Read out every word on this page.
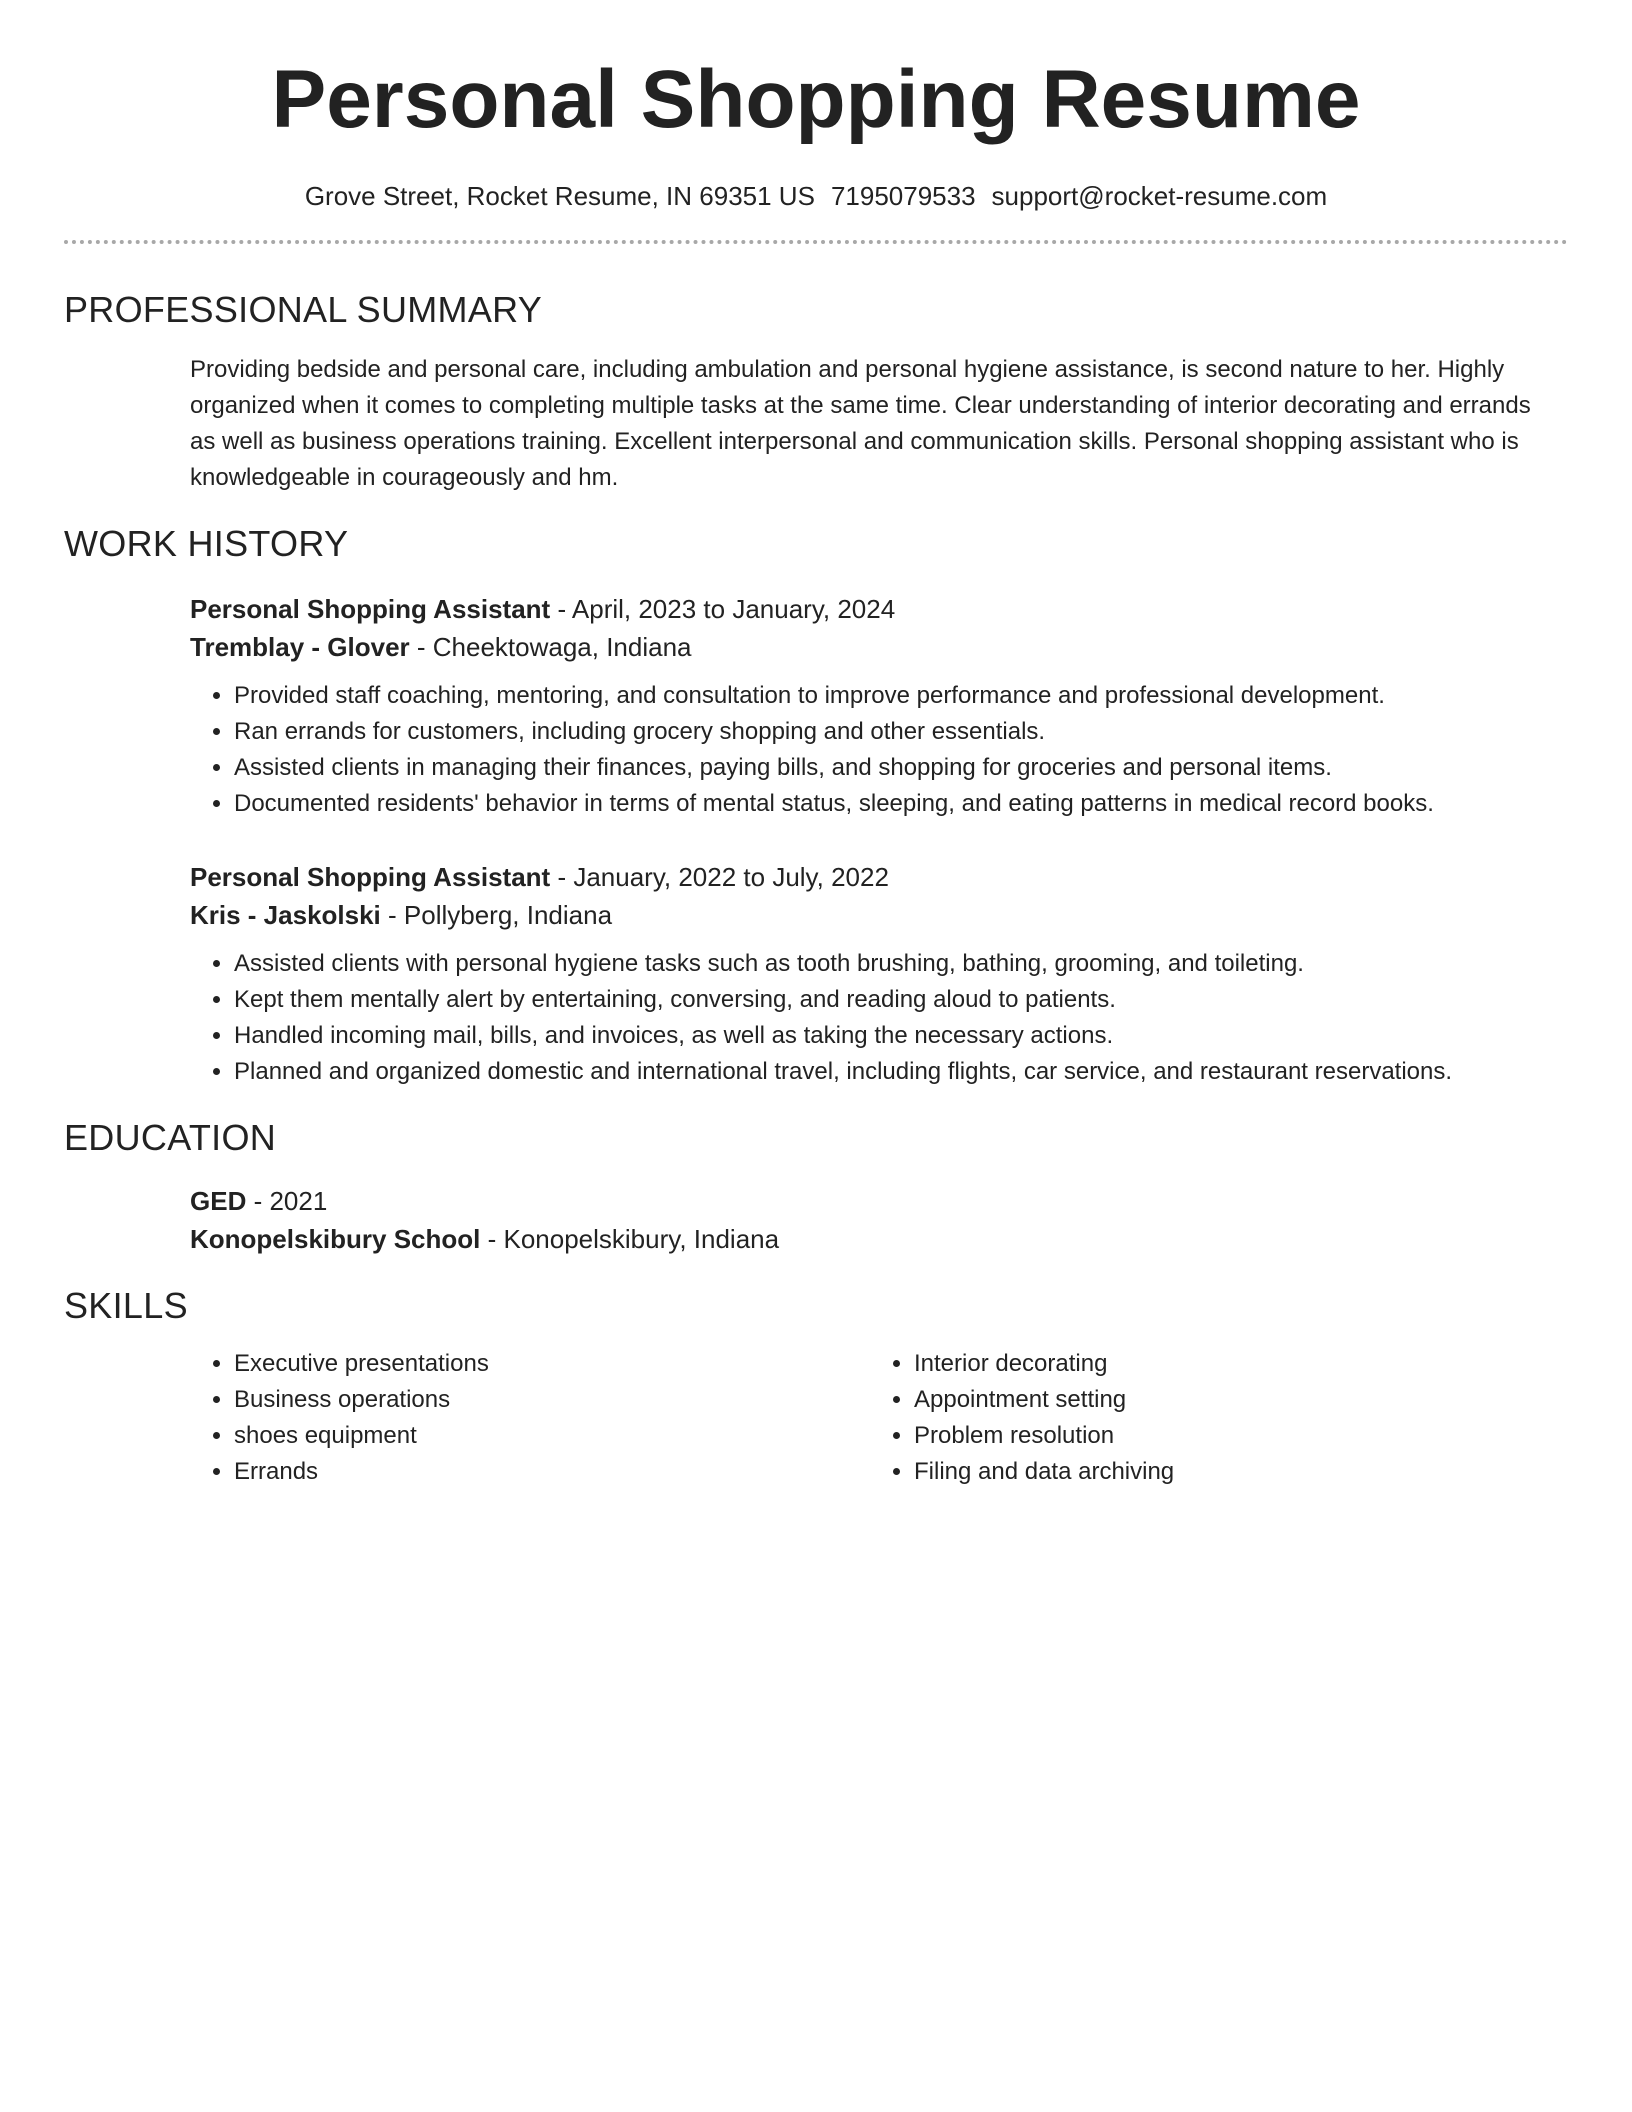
Personal Shopping Resume
Grove Street, Rocket Resume, IN 69351 US 7195079533 support@rocket-resume.com
PROFESSIONAL SUMMARY

Providing bedside and personal care, including ambulation and personal hygiene assistance, is second nature to her. Highly organized when it comes to completing multiple tasks at the same time. Clear understanding of interior decorating and errands as well as business operations training. Excellent interpersonal and communication skills. Personal shopping assistant who is knowledgeable in courageously and hm.

WORK HISTORY
Personal Shopping Assistant - April, 2023 to January, 2024
Tremblay - Glover - Cheektowaga, Indiana
• Provided staff coaching, mentoring, and consultation to improve performance and professional development.
• Ran errands for customers, including grocery shopping and other essentials.
• Assisted clients in managing their finances, paying bills, and shopping for groceries and personal items.
• Documented residents' behavior in terms of mental status, sleeping, and eating patterns in medical record books.
Personal Shopping Assistant - January, 2022 to July, 2022
Kris - Jaskolski - Pollyberg, Indiana
• Assisted clients with personal hygiene tasks such as tooth brushing, bathing, grooming, and toileting.
• Kept them mentally alert by entertaining, conversing, and reading aloud to patients.
• Handled incoming mail, bills, and invoices, as well as taking the necessary actions.
• Planned and organized domestic and international travel, including flights, car service, and restaurant reservations.
EDUCATION
GED - 2021
Konopelskibury School - Konopelskibury, Indiana
SKILLS
• Executive presentations
• Business operations
• shoes equipment
• Errands
• Interior decorating
• Appointment setting
• Problem resolution
• Filing and data archiving
